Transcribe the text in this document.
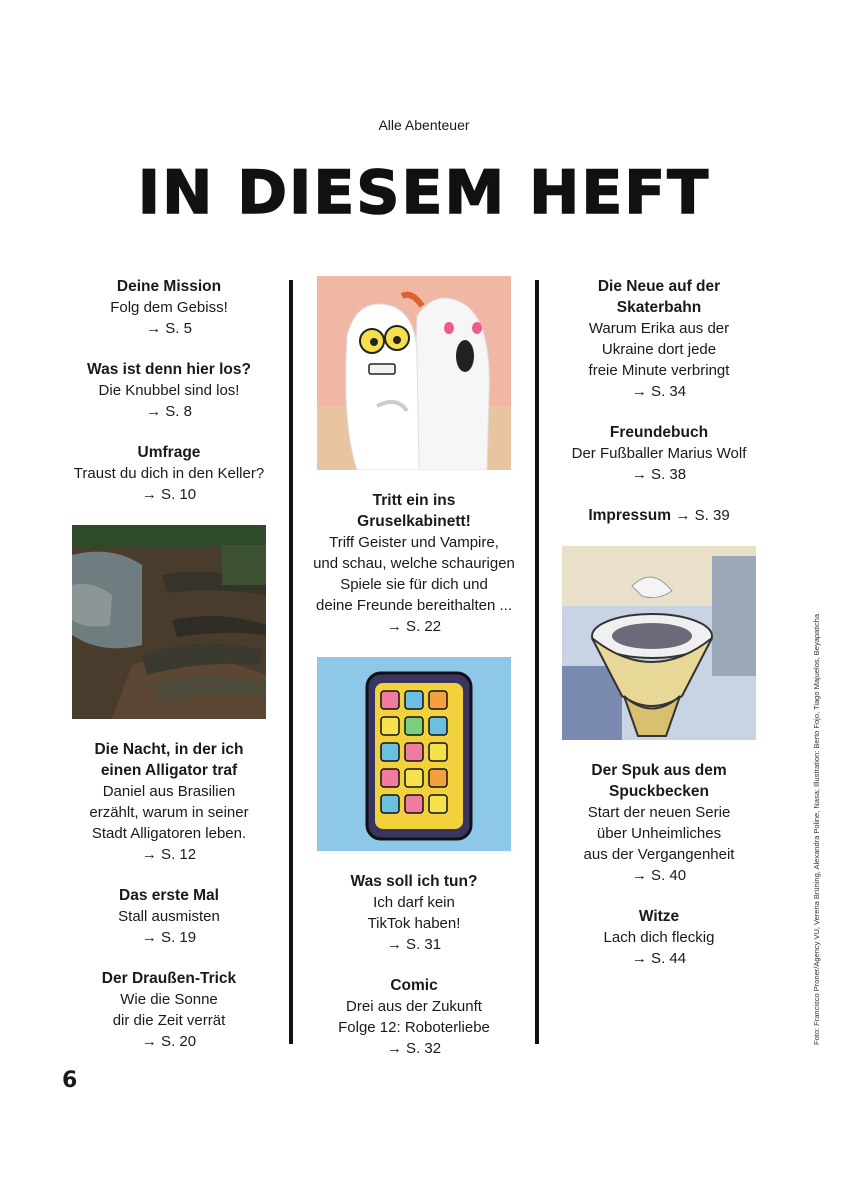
Alle Abenteuer
IN DIESEM HEFT
Deine Mission
Folg dem Gebiss!
→ S. 5
Was ist denn hier los?
Die Knubbel sind los!
→ S. 8
Umfrage
Traust du dich in den Keller?
→ S. 10
Die Nacht, in der ich
einen Alligator traf
Daniel aus Brasilien
erzählt, warum in seiner
Stadt Alligatoren leben.
→ S. 12
Das erste Mal
Stall ausmisten
→ S. 19
Der Draußen-Trick
Wie die Sonne
dir die Zeit verrät
→ S. 20
Tritt ein ins
Gruselkabinett!
Triff Geister und Vampire,
und schau, welche schaurigen
Spiele sie für dich und
deine Freunde bereithalten ...
→ S. 22
Was soll ich tun?
Ich darf kein
TikTok haben!
→ S. 31
Comic
Drei aus der Zukunft
Folge 12: Roboterliebe
→ S. 32
Die Neue auf der
Skaterbahn
Warum Erika aus der
Ukraine dort jede
freie Minute verbringt
→ S. 34
Freundebuch
Der Fußballer Marius Wolf
→ S. 38
Impressum → S. 39
Der Spuk aus dem
Spuckbecken
Start der neuen Serie
über Unheimliches
aus der Vergangenheit
→ S. 40
Witze
Lach dich fleckig
→ S. 44
6
Foto: Francisco Proner/Agency VU, Verena Brüning, Alexandra Poline, Nasa; Illustration: Berto Fojo, Tiago Majuelos, Beyapaticha
